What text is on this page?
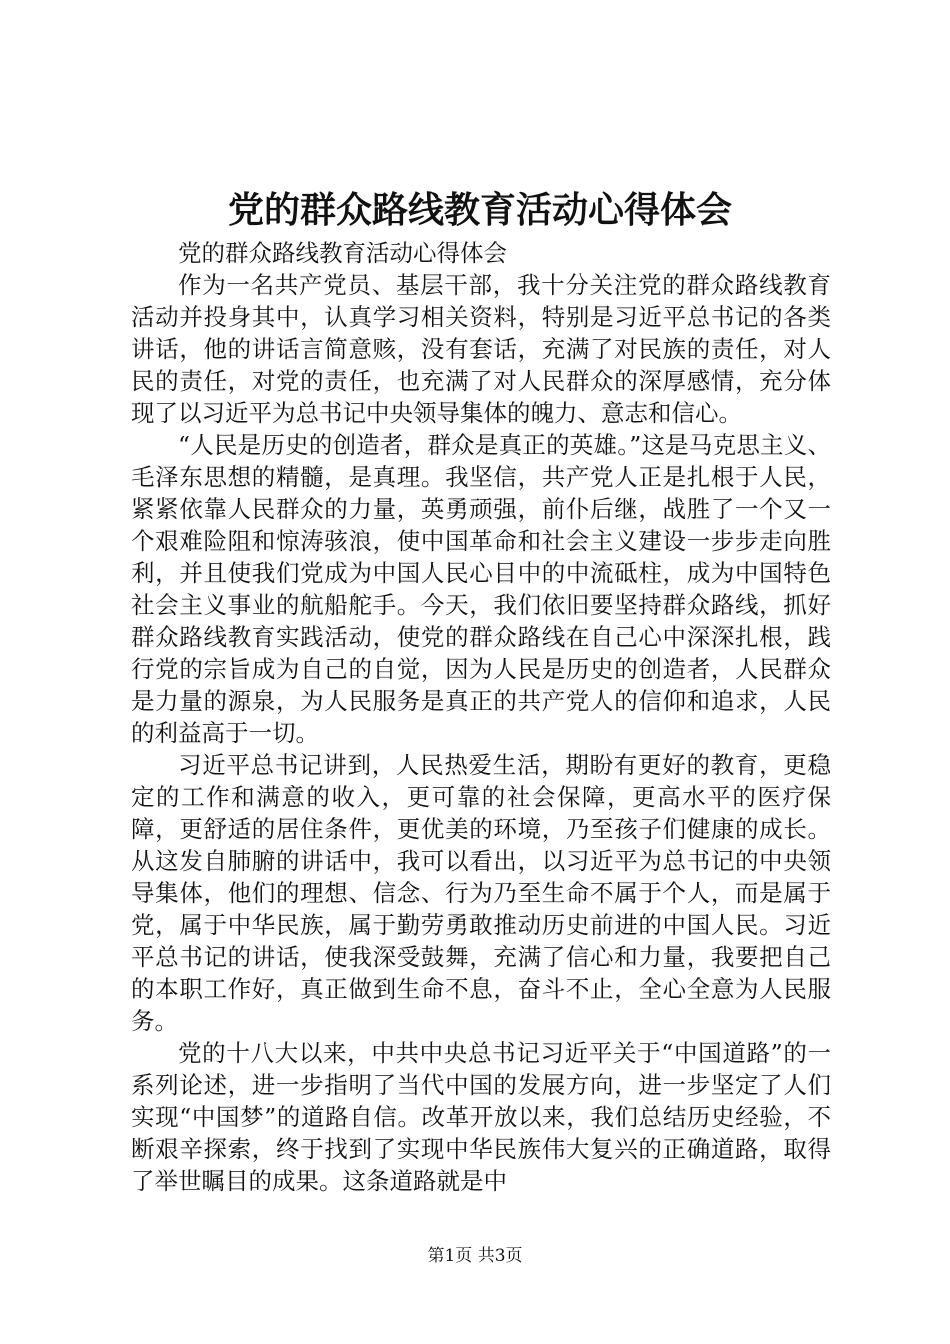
党的群众路线教育活动心得体会

党的群众路线教育活动心得体会

作为一名共产党员、基层干部，我十分关注党的群众路线教育活动并投身其中，认真学习相关资料，特别是习近平总书记的各类讲话，他的讲话言简意赅，没有套话，充满了对民族的责任，对人民的责任，对党的责任，也充满了对人民群众的深厚感情，充分体现了以习近平为总书记中央领导集体的魄力、意志和信心。

“人民是历史的创造者，群众是真正的英雄。”这是马克思主义、毛泽东思想的精髓，是真理。我坚信，共产党人正是扎根于人民，紧紧依靠人民群众的力量，英勇顽强，前仆后继，战胜了一个又一个艰难险阻和惊涛骇浪，使中国革命和社会主义建设一步步走向胜利，并且使我们党成为中国人民心目中的中流砥柱，成为中国特色社会主义事业的航船舵手。今天，我们依旧要坚持群众路线，抓好群众路线教育实践活动，使党的群众路线在自己心中深深扎根，践行党的宗旨成为自己的自觉，因为人民是历史的创造者，人民群众是力量的源泉，为人民服务是真正的共产党人的信仰和追求，人民的利益高于一切。

习近平总书记讲到，人民热爱生活，期盼有更好的教育，更稳定的工作和满意的收入，更可靠的社会保障，更高水平的医疗保障，更舒适的居住条件，更优美的环境，乃至孩子们健康的成长。从这发自肺腑的讲话中，我可以看出，以习近平为总书记的中央领导集体，他们的理想、信念、行为乃至生命不属于个人，而是属于党，属于中华民族，属于勤劳勇敢推动历史前进的中国人民。习近平总书记的讲话，使我深受鼓舞，充满了信心和力量，我要把自己的本职工作好，真正做到生命不息，奋斗不止，全心全意为人民服务。

党的十八大以来，中共中央总书记习近平关于“中国道路”的一系列论述，进一步指明了当代中国的发展方向，进一步坚定了人们实现“中国梦”的道路自信。改革开放以来，我们总结历史经验，不断艰辛探索，终于找到了实现中华民族伟大复兴的正确道路，取得了举世瞩目的成果。这条道路就是中

第1页 共3页
